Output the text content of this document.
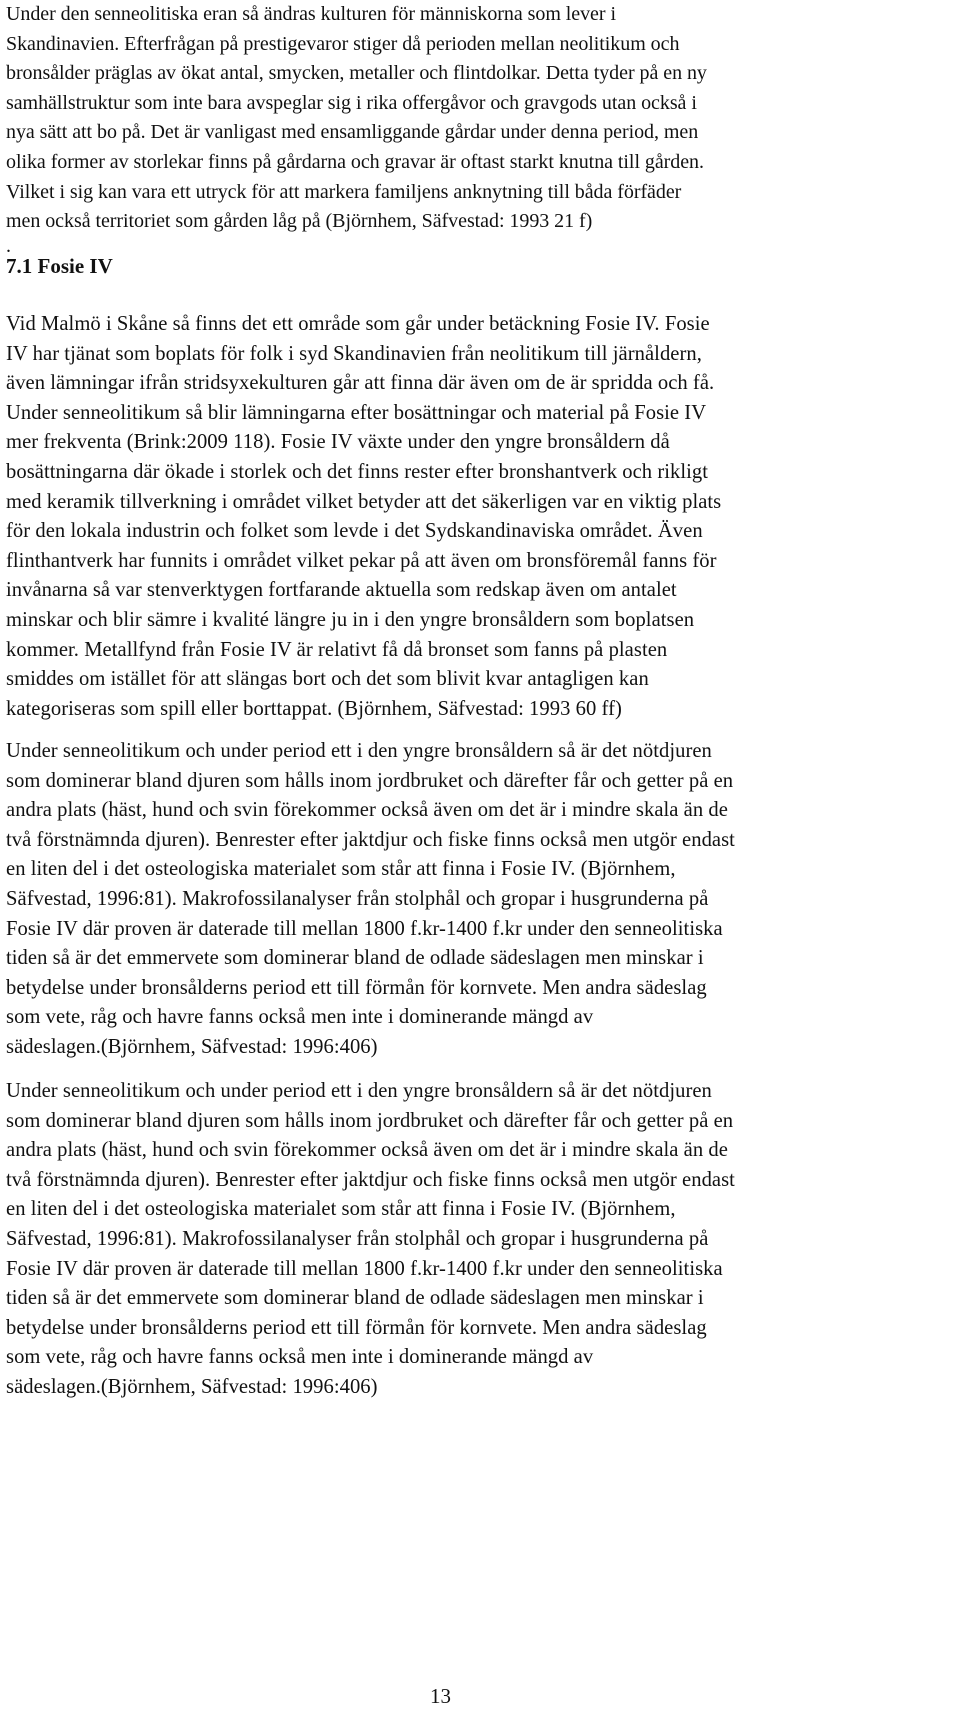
Under den senneolitiska eran så ändras kulturen för människorna som lever i
Skandinavien. Efterfrågan på prestigevaror stiger då perioden mellan neolitikum och
bronsålder präglas av ökat antal, smycken, metaller och flintdolkar. Detta tyder på en ny
samhällstruktur som inte bara avspeglar sig i rika offergåvor och gravgods utan också i
nya sätt att bo på. Det är vanligast med ensamliggande gårdar under denna period, men
olika former av storlekar finns på gårdarna och gravar är oftast starkt knutna till gården.
Vilket i sig kan vara ett utryck för att markera familjens anknytning till båda förfäder
men också territoriet som gården låg på (Björnhem, Säfvestad: 1993 21 f)

.
7.1 Fosie IV

Vid Malmö i Skåne så finns det ett område som går under betäckning Fosie IV. Fosie
IV har tjänat som boplats för folk i syd Skandinavien från neolitikum till järnåldern,
även lämningar ifrån stridsyxekulturen går att finna där även om de är spridda och få.
Under senneolitikum så blir lämningarna efter bosättningar och material på Fosie IV
mer frekventa (Brink:2009 118). Fosie IV växte under den yngre bronsåldern då
bosättningarna där ökade i storlek och det finns rester efter bronshantverk och rikligt
med keramik tillverkning i området vilket betyder att det säkerligen var en viktig plats
för den lokala industrin och folket som levde i det Sydskandinaviska området. Även
flinthantverk har funnits i området vilket pekar på att även om bronsföremål fanns för
invånarna så var stenverktygen fortfarande aktuella som redskap även om antalet
minskar och blir sämre i kvalité längre ju in i den yngre bronsåldern som boplatsen
kommer. Metallfynd från Fosie IV är relativt få då bronset som fanns på plasten
smiddes om istället för att slängas bort och det som blivit kvar antagligen kan
kategoriseras som spill eller borttappat. (Björnhem, Säfvestad: 1993 60 ff)

Under senneolitikum och under period ett i den yngre bronsåldern så är det nötdjuren
som dominerar bland djuren som hålls inom jordbruket och därefter får och getter på en
andra plats (häst, hund och svin förekommer också även om det är i mindre skala än de
två förstnämnda djuren). Benrester efter jaktdjur och fiske finns också men utgör endast
en liten del i det osteologiska materialet som står att finna i Fosie IV. (Björnhem,
Säfvestad, 1996:81). Makrofossilanalyser från stolphål och gropar i husgrunderna på
Fosie IV där proven är daterade till mellan 1800 f.kr-1400 f.kr under den senneolitiska
tiden så är det emmervete som dominerar bland de odlade sädeslagen men minskar i
betydelse under bronsålderns period ett till förmån för kornvete. Men andra sädeslag
som vete, råg och havre fanns också men inte i dominerande mängd av
sädeslagen.(Björnhem, Säfvestad: 1996:406)

Under senneolitikum och under period ett i den yngre bronsåldern så är det nötdjuren
som dominerar bland djuren som hålls inom jordbruket och därefter får och getter på en
andra plats (häst, hund och svin förekommer också även om det är i mindre skala än de
två förstnämnda djuren). Benrester efter jaktdjur och fiske finns också men utgör endast
en liten del i det osteologiska materialet som står att finna i Fosie IV. (Björnhem,
Säfvestad, 1996:81). Makrofossilanalyser från stolphål och gropar i husgrunderna på
Fosie IV där proven är daterade till mellan 1800 f.kr-1400 f.kr under den senneolitiska
tiden så är det emmervete som dominerar bland de odlade sädeslagen men minskar i
betydelse under bronsålderns period ett till förmån för kornvete. Men andra sädeslag
som vete, råg och havre fanns också men inte i dominerande mängd av
sädeslagen.(Björnhem, Säfvestad: 1996:406)

13
